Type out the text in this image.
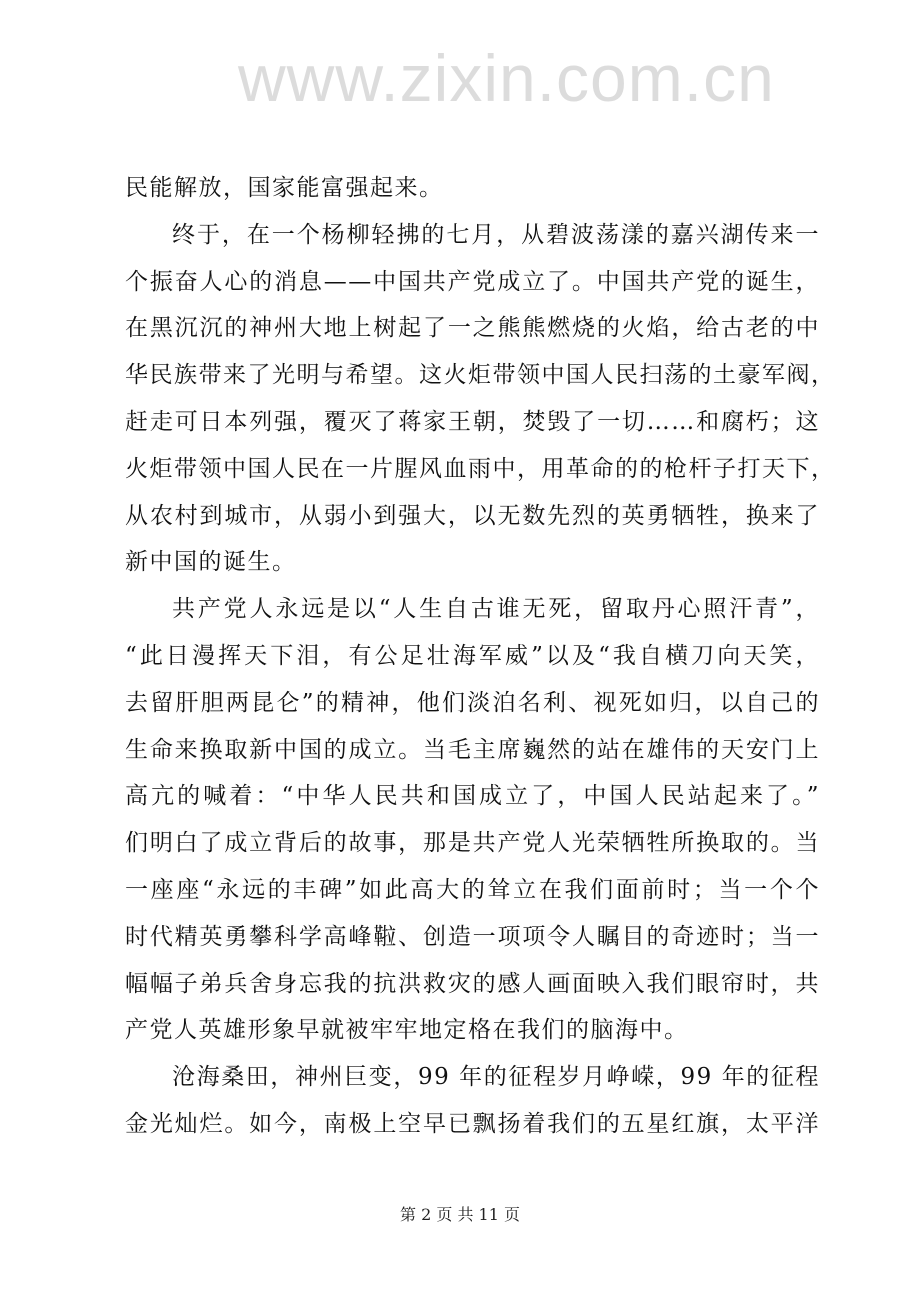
www.zixin.com.cn
民能解放，国家能富强起来。
终于，在一个杨柳轻拂的七月，从碧波荡漾的嘉兴湖传来一
个振奋人心的消息——中国共产党成立了。中国共产党的诞生，
在黑沉沉的神州大地上树起了一之熊熊燃烧的火焰，给古老的中
华民族带来了光明与希望。这火炬带领中国人民扫荡的土豪军阀，
赶走可日本列强，覆灭了蒋家王朝，焚毁了一切……和腐朽；这
火炬带领中国人民在一片腥风血雨中，用革命的的枪杆子打天下，
从农村到城市，从弱小到强大，以无数先烈的英勇牺牲，换来了
新中国的诞生。
共产党人永远是以“人生自古谁无死，留取丹心照汗青”，
“此日漫挥天下泪，有公足壮海军威”以及“我自横刀向天笑，
去留肝胆两昆仑”的精神，他们淡泊名利、视死如归，以自己的
生命来换取新中国的成立。当毛主席巍然的站在雄伟的天安门上
高亢的喊着：“中华人民共和国成立了，中国人民站起来了。”
们明白了成立背后的故事，那是共产党人光荣牺牲所换取的。当
一座座“永远的丰碑”如此高大的耸立在我们面前时；当一个个
时代精英勇攀科学高峰鞡、创造一项项令人瞩目的奇迹时；当一
幅幅子弟兵舍身忘我的抗洪救灾的感人画面映入我们眼帘时，共
产党人英雄形象早就被牢牢地定格在我们的脑海中。
沧海桑田，神州巨变，99 年的征程岁月峥嵘，99 年的征程
金光灿烂。如今，南极上空早已飘扬着我们的五星红旗，太平洋
第 2 页 共 11 页
